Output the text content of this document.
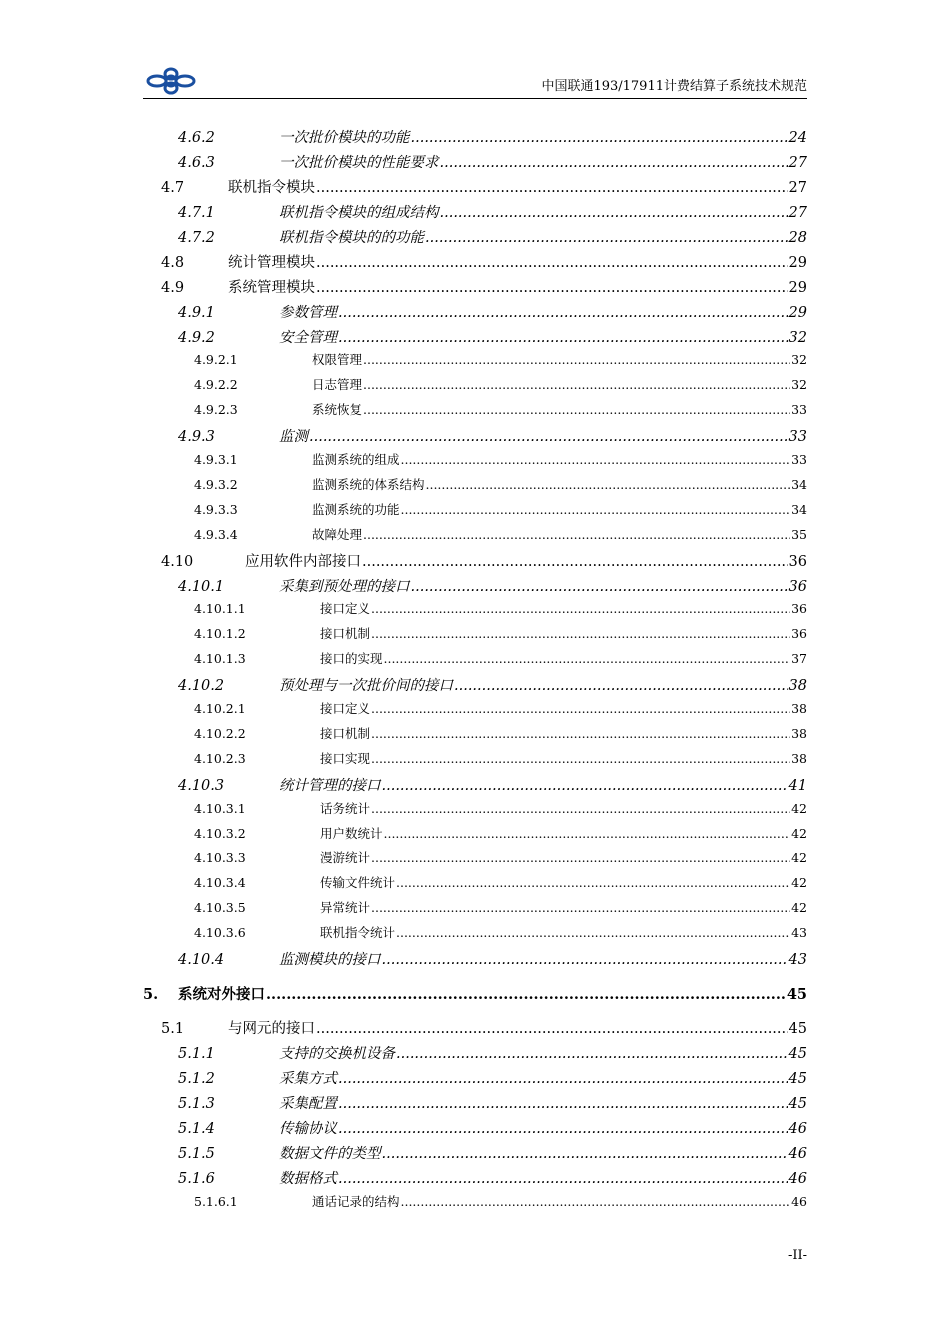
中国联通193/17911计费结算子系统技术规范
4.6.2	一次批价模块的功能 .....	24
4.6.3	一次批价模块的性能要求 .....	27
4.7	联机指令模块 .....	27
4.7.1	联机指令模块的组成结构 .....	27
4.7.2	联机指令模块的的功能 .....	28
4.8	统计管理模块 .....	29
4.9	系统管理模块 .....	29
4.9.1	参数管理 .....	29
4.9.2	安全管理 .....	32
4.9.2.1	权限管理 .....	32
4.9.2.2	日志管理 .....	32
4.9.2.3	系统恢复 .....	33
4.9.3	监测 .....	33
4.9.3.1	监测系统的组成 .....	33
4.9.3.2	监测系统的体系结构 .....	34
4.9.3.3	监测系统的功能 .....	34
4.9.3.4	故障处理 .....	35
4.10	应用软件内部接口 .....	36
4.10.1	采集到预处理的接口 .....	36
4.10.1.1	接口定义 .....	36
4.10.1.2	接口机制 .....	36
4.10.1.3	接口的实现 .....	37
4.10.2	预处理与一次批价间的接口 .....	38
4.10.2.1	接口定义 .....	38
4.10.2.2	接口机制 .....	38
4.10.2.3	接口实现 .....	38
4.10.3	统计管理的接口 .....	41
4.10.3.1	话务统计 .....	42
4.10.3.2	用户数统计 .....	42
4.10.3.3	漫游统计 .....	42
4.10.3.4	传输文件统计 .....	42
4.10.3.5	异常统计 .....	42
4.10.3.6	联机指令统计 .....	43
4.10.4	监测模块的接口 .....	43
5.	系统对外接口 .....	45
5.1	与网元的接口 .....	45
5.1.1	支持的交换机设备 .....	45
5.1.2	采集方式 .....	45
5.1.3	采集配置 .....	45
5.1.4	传输协议 .....	46
5.1.5	数据文件的类型 .....	46
5.1.6	数据格式 .....	46
5.1.6.1	通话记录的结构 .....	46
-II-
